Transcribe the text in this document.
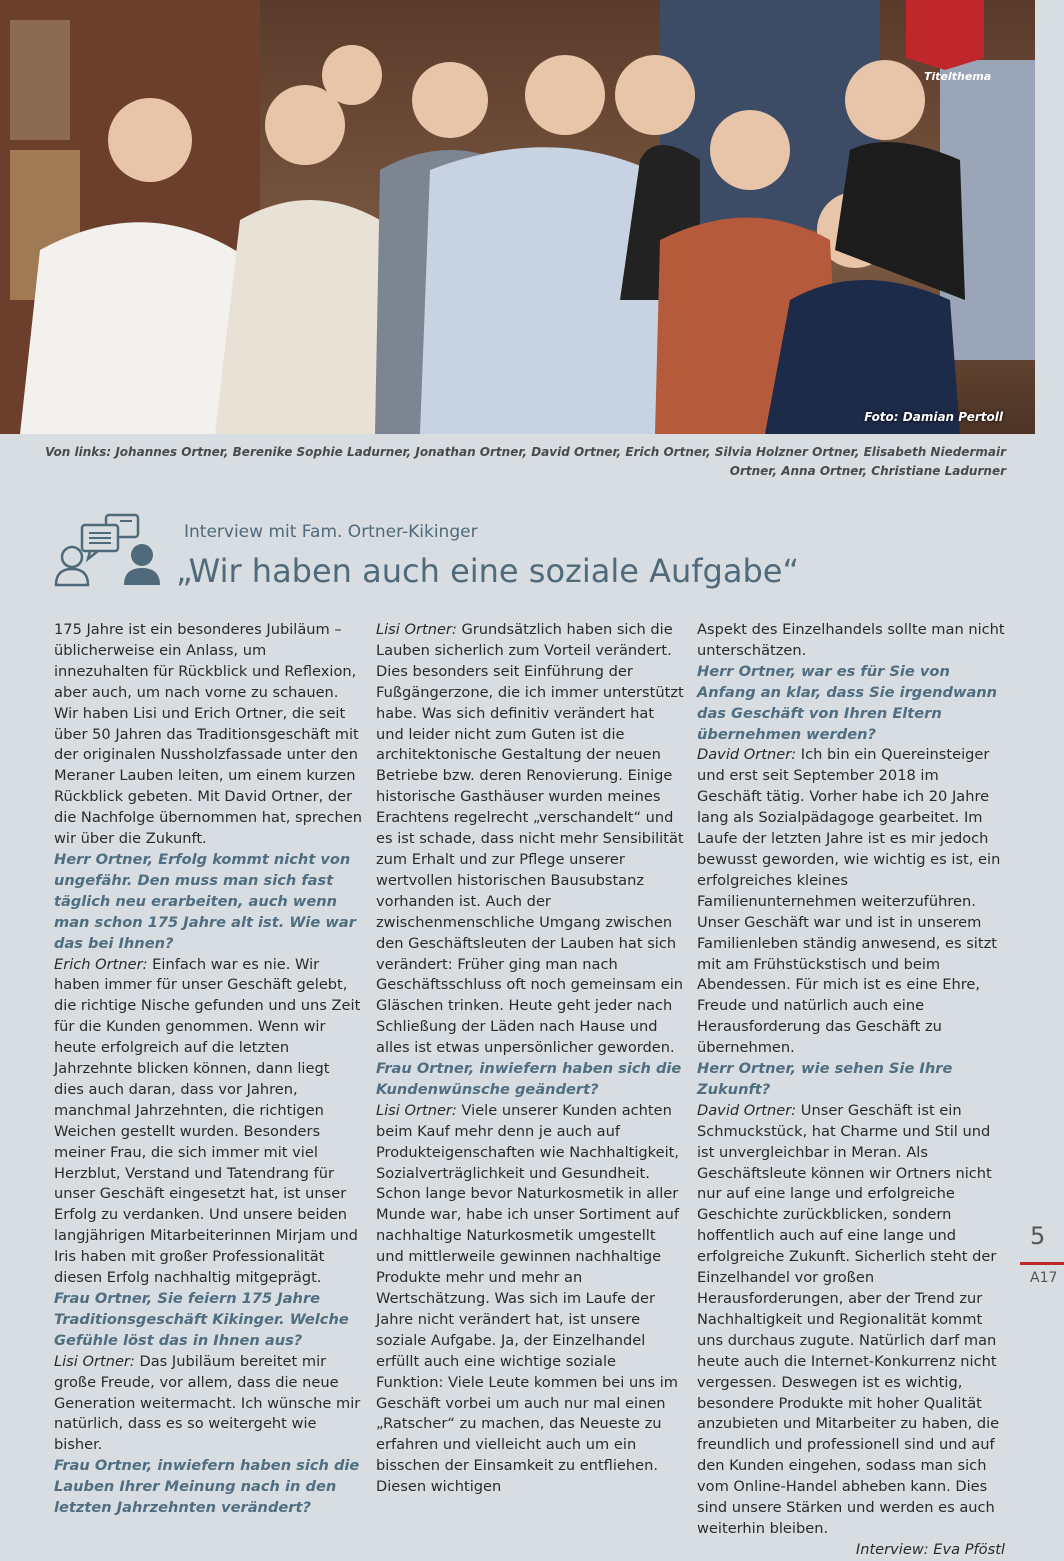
Foto: Damian Pertoll
Titelthema
Von links: Johannes Ortner, Berenike Sophie Ladurner, Jonathan Ortner, David Ortner, Erich Ortner, Silvia Holzner Ortner, Elisabeth Niedermair Ortner, Anna Ortner, Christiane Ladurner
Interview mit Fam. Ortner-Kikinger
„Wir haben auch eine soziale Aufgabe“

175 Jahre ist ein besonderes Jubiläum – üblicherweise ein Anlass, um innezuhalten für Rückblick und Reflexion, aber auch, um nach vorne zu schauen. Wir haben Lisi und Erich Ortner, die seit über 50 Jahren das Traditionsgeschäft mit der originalen Nussholzfassade unter den Meraner Lauben leiten, um einem kurzen Rückblick gebeten. Mit David Ortner, der die Nachfolge übernommen hat, sprechen wir über die Zukunft.

Herr Ortner, Erfolg kommt nicht von ungefähr. Den muss man sich fast täglich neu erarbeiten, auch wenn man schon 175 Jahre alt ist. Wie war das bei Ihnen?

Erich Ortner: Einfach war es nie. Wir haben immer für unser Geschäft gelebt, die richtige Nische gefunden und uns Zeit für die Kunden genommen. Wenn wir heute erfolgreich auf die letzten Jahrzehnte blicken können, dann liegt dies auch daran, dass vor Jahren, manchmal Jahrzehnten, die richtigen Weichen gestellt wurden. Besonders meiner Frau, die sich immer mit viel Herzblut, Verstand und Tatendrang für unser Geschäft eingesetzt hat, ist unser Erfolg zu verdanken. Und unsere beiden langjährigen Mitarbeiterinnen Mirjam und Iris haben mit großer Professionalität diesen Erfolg nachhaltig mitgeprägt.

Frau Ortner, Sie feiern 175 Jahre Traditionsgeschäft Kikinger. Welche Gefühle löst das in Ihnen aus?

Lisi Ortner: Das Jubiläum bereitet mir große Freude, vor allem, dass die neue Generation weitermacht. Ich wünsche mir natürlich, dass es so weitergeht wie bisher.

Frau Ortner, inwiefern haben sich die Lauben Ihrer Meinung nach in den letzten Jahrzehnten verändert?

Lisi Ortner: Grundsätzlich haben sich die Lauben sicherlich zum Vorteil verändert. Dies besonders seit Einführung der Fußgängerzone, die ich immer unterstützt habe. Was sich definitiv verändert hat und leider nicht zum Guten ist die architektonische Gestaltung der neuen Betriebe bzw. deren Renovierung. Einige historische Gasthäuser wurden meines Erachtens regelrecht „verschandelt“ und es ist schade, dass nicht mehr Sensibilität zum Erhalt und zur Pflege unserer wertvollen historischen Bausubstanz vorhanden ist. Auch der zwischenmenschliche Umgang zwischen den Geschäftsleuten der Lauben hat sich verändert: Früher ging man nach Geschäftsschluss oft noch gemeinsam ein Gläschen trinken. Heute geht jeder nach Schließung der Läden nach Hause und alles ist etwas unpersönlicher geworden.

Frau Ortner, inwiefern haben sich die Kundenwünsche geändert?

Lisi Ortner: Viele unserer Kunden achten beim Kauf mehr denn je auch auf Produkteigenschaften wie Nachhaltigkeit, Sozialverträglichkeit und Gesundheit. Schon lange bevor Naturkosmetik in aller Munde war, habe ich unser Sortiment auf nachhaltige Naturkosmetik umgestellt und mittlerweile gewinnen nachhaltige Produkte mehr und mehr an Wertschätzung. Was sich im Laufe der Jahre nicht verändert hat, ist unsere soziale Aufgabe. Ja, der Einzelhandel erfüllt auch eine wichtige soziale Funktion: Viele Leute kommen bei uns im Geschäft vorbei um auch nur mal einen „Ratscher“ zu machen, das Neueste zu erfahren und vielleicht auch um ein bisschen der Einsamkeit zu entfliehen. Diesen wichtigen

Aspekt des Einzelhandels sollte man nicht unterschätzen.

Herr Ortner, war es für Sie von Anfang an klar, dass Sie irgendwann das Geschäft von Ihren Eltern übernehmen werden?

David Ortner: Ich bin ein Quereinsteiger und erst seit September 2018 im Geschäft tätig. Vorher habe ich 20 Jahre lang als Sozialpädagoge gearbeitet. Im Laufe der letzten Jahre ist es mir jedoch bewusst geworden, wie wichtig es ist, ein erfolgreiches kleines Familienunternehmen weiterzuführen. Unser Geschäft war und ist in unserem Familienleben ständig anwesend, es sitzt mit am Frühstückstisch und beim Abendessen. Für mich ist es eine Ehre, Freude und natürlich auch eine Herausforderung das Geschäft zu übernehmen.

Herr Ortner, wie sehen Sie Ihre Zukunft?

David Ortner: Unser Geschäft ist ein Schmuckstück, hat Charme und Stil und ist unvergleichbar in Meran. Als Geschäftsleute können wir Ortners nicht nur auf eine lange und erfolgreiche Geschichte zurückblicken, sondern hoffentlich auch auf eine lange und erfolgreiche Zukunft. Sicherlich steht der Einzelhandel vor großen Herausforderungen, aber der Trend zur Nachhaltigkeit und Regionalität kommt uns durchaus zugute. Natürlich darf man heute auch die Internet-Konkurrenz nicht vergessen. Deswegen ist es wichtig, besondere Produkte mit hoher Qualität anzubieten und Mitarbeiter zu haben, die freundlich und professionell sind und auf den Kunden eingehen, sodass man sich vom Online-Handel abheben kann. Dies sind unsere Stärken und werden es auch weiterhin bleiben.

Interview: Eva Pföstl

5
A17
